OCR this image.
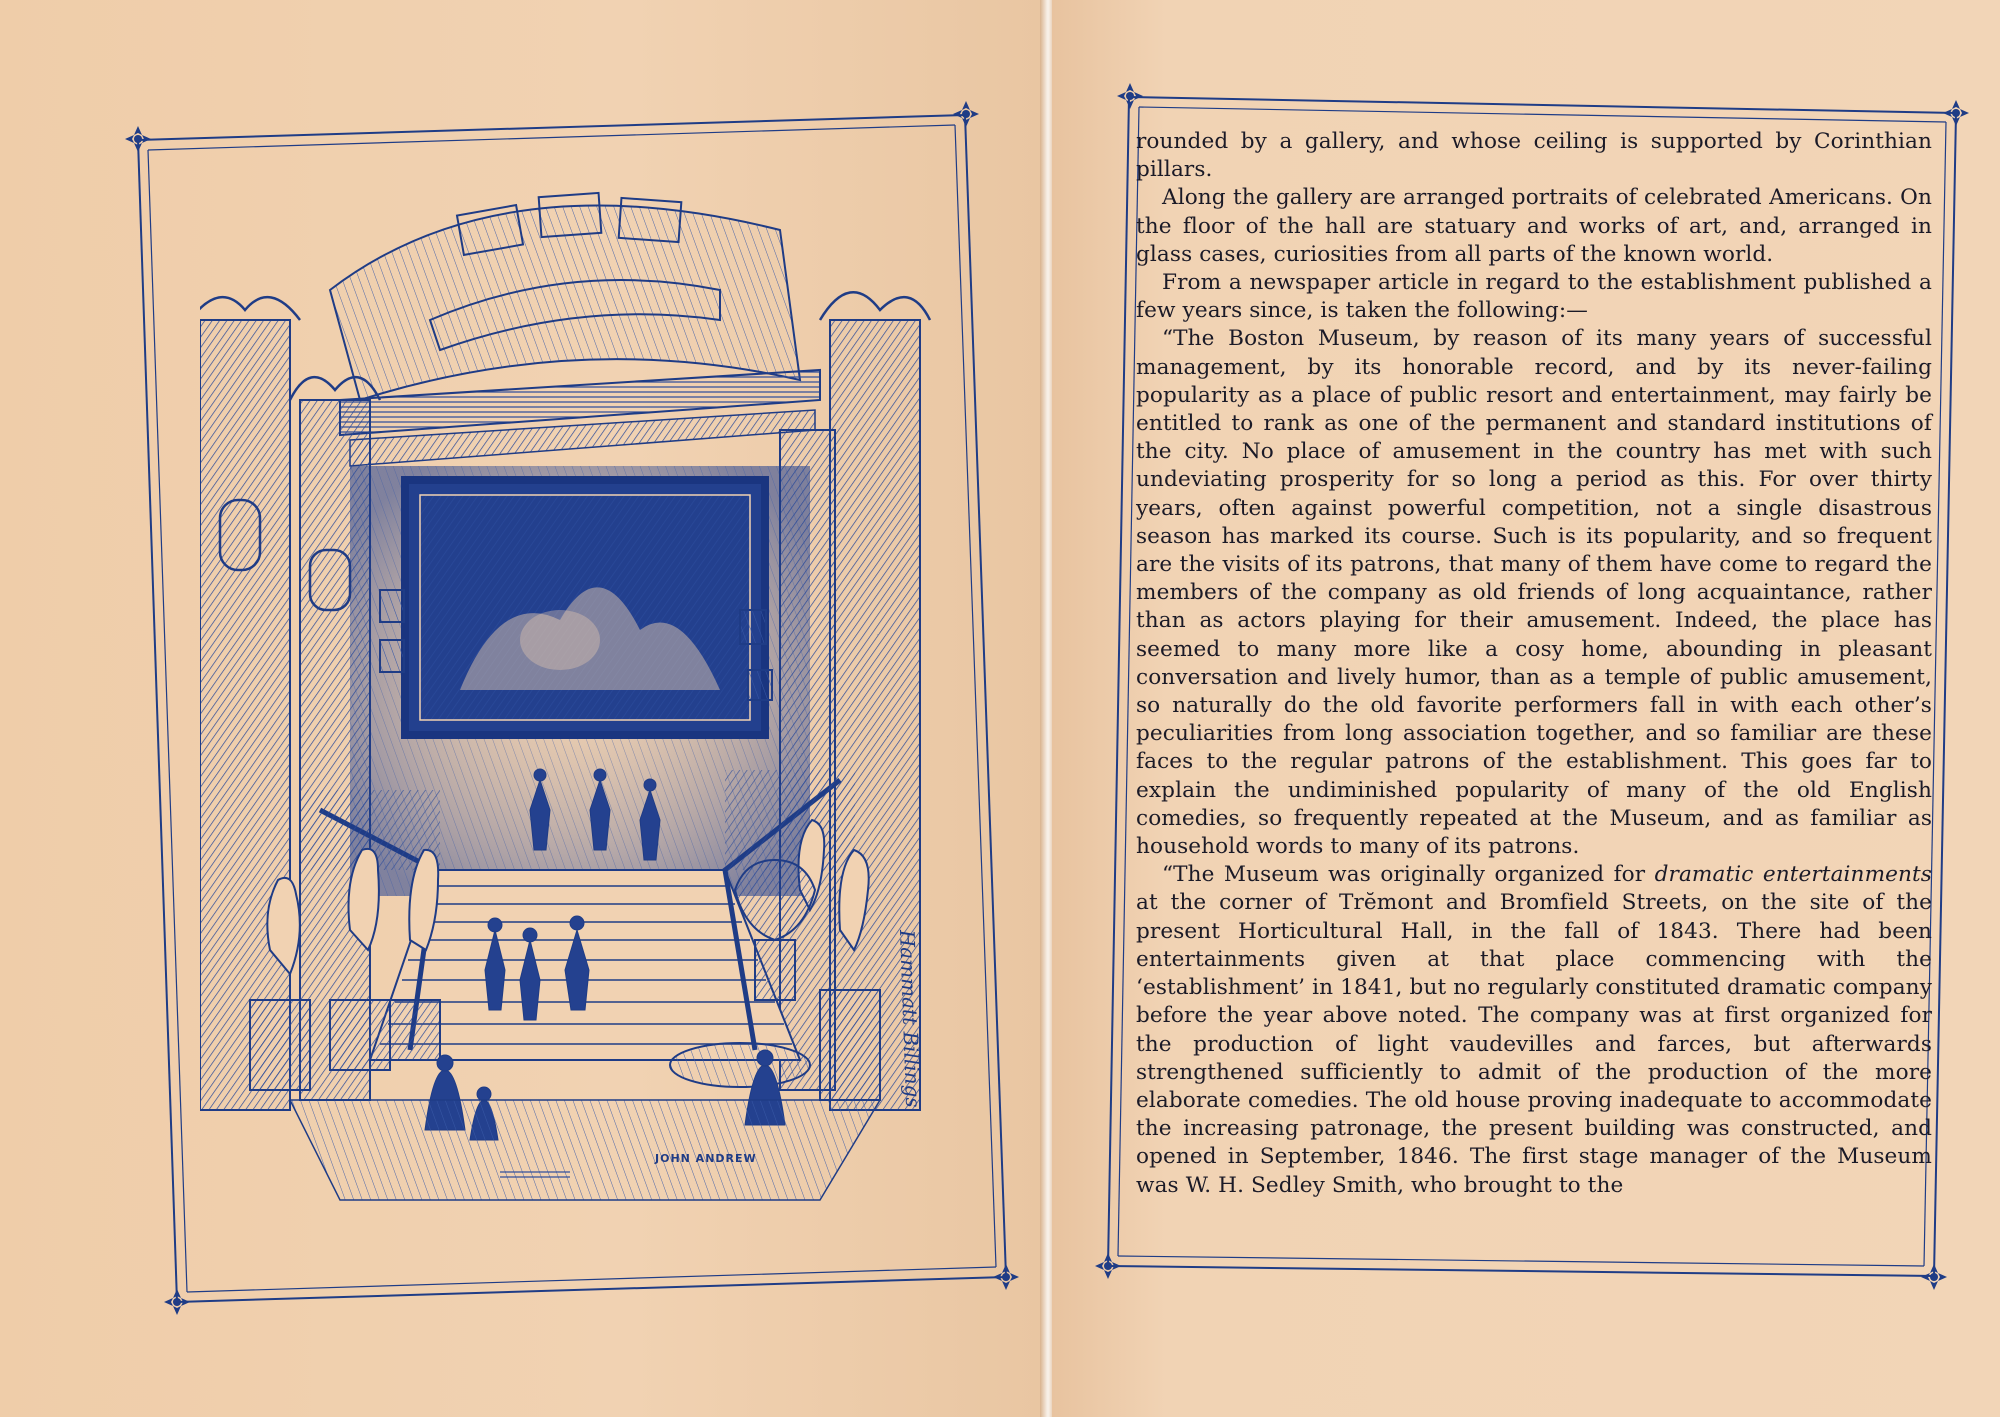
JOHN ANDREW
Hammatt Billings

rounded by a gallery, and whose ceiling is supported by Corinthian pillars.

Along the gallery are arranged portraits of celebrated Americans. On the floor of the hall are statuary and works of art, and, arranged in glass cases, curiosities from all parts of the known world.

From a newspaper article in regard to the establishment published a few years since, is taken the following:—

“The Boston Museum, by reason of its many years of successful management, by its honorable record, and by its never-failing popularity as a place of public resort and entertainment, may fairly be entitled to rank as one of the permanent and standard institutions of the city. No place of amusement in the country has met with such undeviating prosperity for so long a period as this. For over thirty years, often against powerful competition, not a single disastrous season has marked its course. Such is its popularity, and so frequent are the visits of its patrons, that many of them have come to regard the members of the company as old friends of long acquaintance, rather than as actors playing for their amusement. Indeed, the place has seemed to many more like a cosy home, abounding in pleasant conversation and lively humor, than as a temple of public amusement, so naturally do the old favorite performers fall in with each other’s peculiarities from long association together, and so familiar are these faces to the regular patrons of the establishment. This goes far to explain the undiminished popularity of many of the old English comedies, so frequently repeated at the Museum, and as familiar as household words to many of its patrons.

“The Museum was originally organized for dramatic entertainments at the corner of Trĕmont and Bromfield Streets, on the site of the present Horticultural Hall, in the fall of 1843. There had been entertainments given at that place commencing with the ‘establishment’ in 1841, but no regularly constituted dramatic company before the year above noted. The company was at first organized for the production of light vaudevilles and farces, but afterwards strengthened sufficiently to admit of the production of the more elaborate comedies. The old house proving inadequate to accommodate the increasing patronage, the present building was constructed, and opened in September, 1846. The first stage manager of the Museum was W. H. Sedley Smith, who brought to the
